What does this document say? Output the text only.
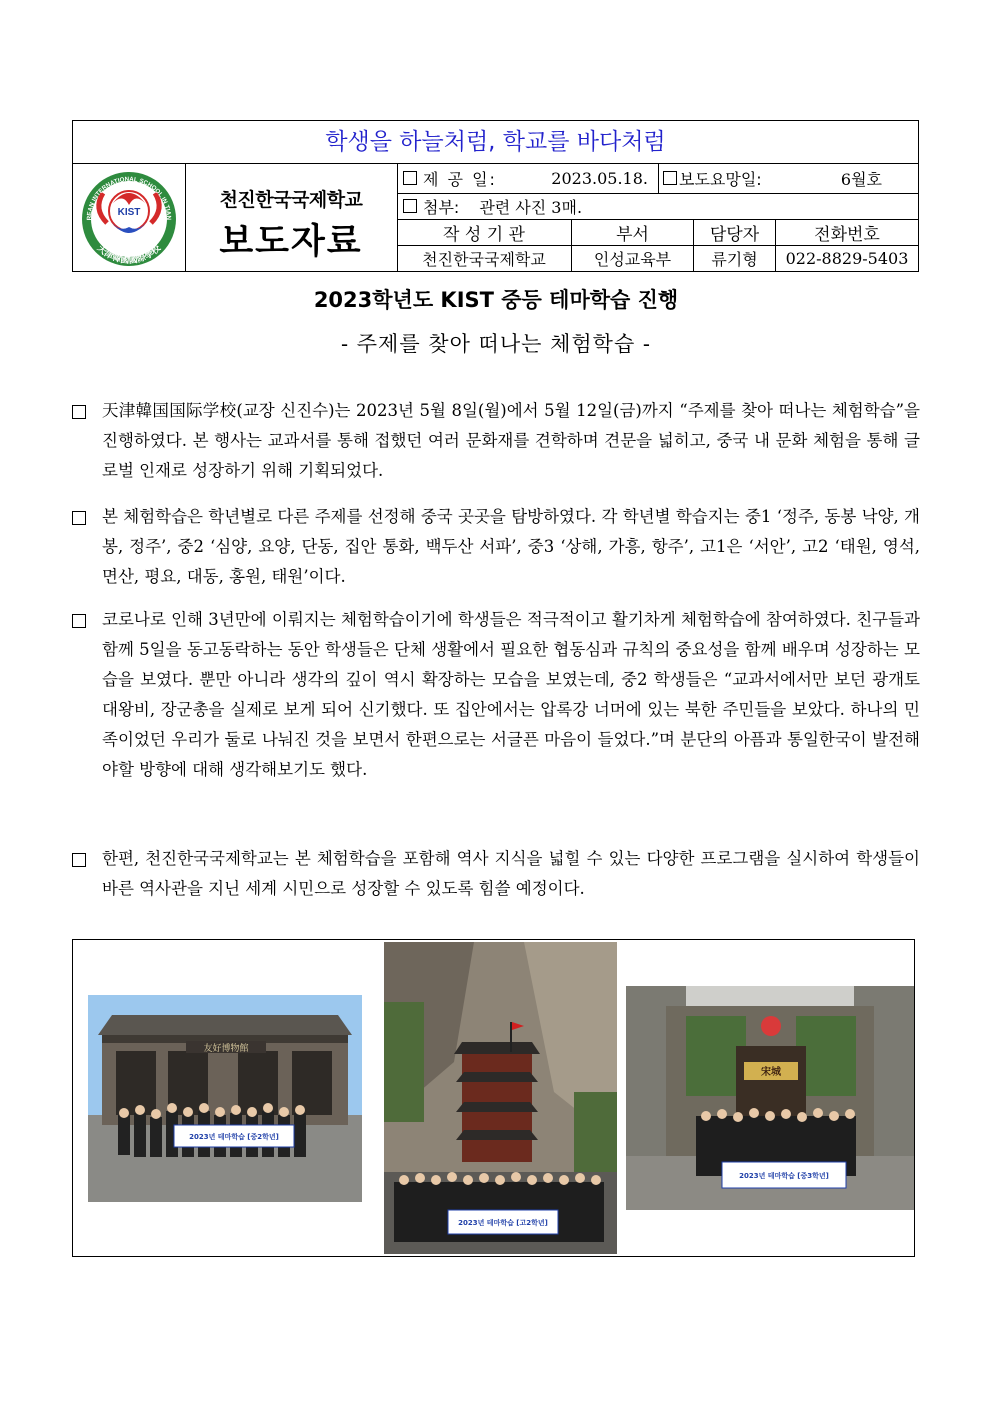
학생을 하늘처럼, 학교를 바다처럼
KIST
REAN INTERNATIONAL SCHOOL IN TIAN
天津韓國國際學校
천진한국국제학교
보도자료
제 공 일:	2023.05.18. 보도요망일:	6월호
첨부: 관련 사진 3매.
작 성 기 관	부서	담당자	전화번호
천진한국국제학교	인성교육부	류기형	022-8829-5403
2023학년도 KIST 중등 테마학습 진행
- 주제를 찾아 떠나는 체험학습 -
天津韓国国际学校(교장 신진수)는 2023년 5월 8일(월)에서 5월 12일(금)까지 “주제를 찾아 떠나는 체험학습”을 진행하였다. 본 행사는 교과서를 통해 접했던 여러 문화재를 견학하며 견문을 넓히고, 중국 내 문화 체험을 통해 글로벌 인재로 성장하기 위해 기획되었다.
본 체험학습은 학년별로 다른 주제를 선정해 중국 곳곳을 탐방하였다. 각 학년별 학습지는 중1 ‘정주, 동봉 낙양, 개봉, 정주’, 중2 ‘심양, 요양, 단동, 집안 통화, 백두산 서파’, 중3 ‘상해, 가흥, 항주’, 고1은 ‘서안’, 고2 ‘태원, 영석, 면산, 평요, 대동, 홍원, 태원’이다.
코로나로 인해 3년만에 이뤄지는 체험학습이기에 학생들은 적극적이고 활기차게 체험학습에 참여하였다. 친구들과 함께 5일을 동고동락하는 동안 학생들은 단체 생활에서 필요한 협동심과 규칙의 중요성을 함께 배우며 성장하는 모습을 보였다. 뿐만 아니라 생각의 깊이 역시 확장하는 모습을 보였는데, 중2 학생들은 “교과서에서만 보던 광개토대왕비, 장군총을 실제로 보게 되어 신기했다. 또 집안에서는 압록강 너머에 있는 북한 주민들을 보았다. 하나의 민족이었던 우리가 둘로 나눠진 것을 보면서 한편으로는 서글픈 마음이 들었다.”며 분단의 아픔과 통일한국이 발전해야할 방향에 대해 생각해보기도 했다.
한편, 천진한국국제학교는 본 체험학습을 포함해 역사 지식을 넓힐 수 있는 다양한 프로그램을 실시하여 학생들이 바른 역사관을 지닌 세계 시민으로 성장할 수 있도록 힘쓸 예정이다.
友好博物館
2023년 테마학습 [중2학년]
2023년 테마학습 [고2학년]
宋城
2023년 테마학습 [중3학년]
